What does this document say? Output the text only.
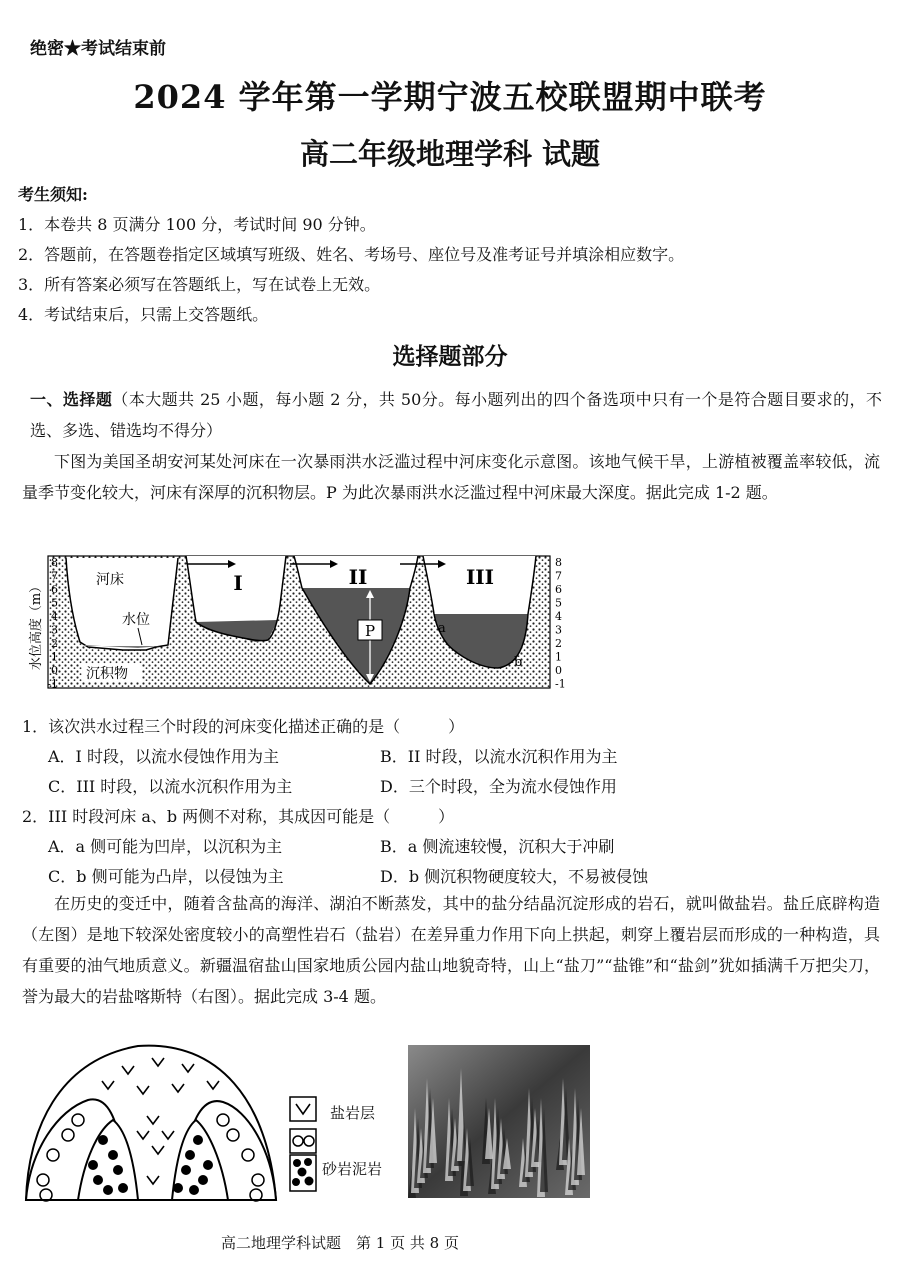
绝密★考试结束前
2024 学年第一学期宁波五校联盟期中联考
高二年级地理学科 试题
考生须知:
1．本卷共 8 页满分 100 分，考试时间 90 分钟。
2．答题前，在答题卷指定区域填写班级、姓名、考场号、座位号及准考证号并填涂相应数字。
3．所有答案必须写在答题纸上，写在试卷上无效。
4．考试结束后，只需上交答题纸。
选择题部分
一、选择题（本大题共 25 小题，每小题 2 分，共 50分。每小题列出的四个备选项中只有一个是符合题目要求的，不选、多选、错选均不得分）
下图为美国圣胡安河某处河床在一次暴雨洪水泛滥过程中河床变化示意图。该地气候干旱，上游植被覆盖率较低，流量季节变化较大，河床有深厚的沉积物层。P 为此次暴雨洪水泛滥过程中河床最大深度。据此完成 1-2 题。
P
I	II	III
河床
水位
沉积物
a
b
水位高度（m）
8
7
6
5
4
3
2
1
0
-1
8
7
6
5
4
3
2
1
0
-1
1．该次洪水过程三个时段的河床变化描述正确的是（　　　）
A．I 时段，以流水侵蚀作用为主	B．II 时段，以流水沉积作用为主
C．III 时段，以流水沉积作用为主	D．三个时段，全为流水侵蚀作用
2．III 时段河床 a、b 两侧不对称，其成因可能是（　　　）
A．a 侧可能为凹岸，以沉积为主	B．a 侧流速较慢，沉积大于冲刷
C．b 侧可能为凸岸，以侵蚀为主	D．b 侧沉积物硬度较大，不易被侵蚀
在历史的变迁中，随着含盐高的海洋、湖泊不断蒸发，其中的盐分结晶沉淀形成的岩石，就叫做盐岩。盐丘底辟构造（左图）是地下较深处密度较小的高塑性岩石（盐岩）在差异重力作用下向上拱起，刺穿上覆岩层而形成的一种构造，具有重要的油气地质意义。新疆温宿盐山国家地质公园内盐山地貌奇特，山上“盐刀”“盐锥”和“盐剑”犹如插满千万把尖刀，誉为最大的岩盐喀斯特（右图）。据此完成 3-4 题。
盐岩层
砂岩泥岩
高二地理学科试题　第 1 页 共 8 页
